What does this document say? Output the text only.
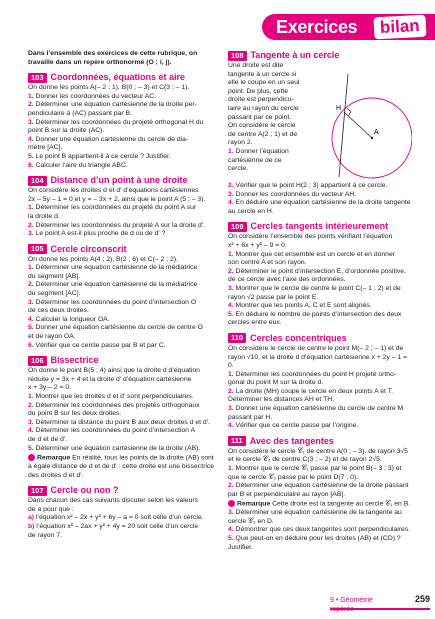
Exercices	bilan
Dans l’ensemble des exercices de cette rubrique, on travaille dans un repère orthonormé (O ; i, j).
103 Coordonnées, équations et aire
On donne les points A(– 2 ; 1), B(0 ; – 3) et C(3 ; – 1).
1. Donner les coordonnées du vecteur AC.
2. Déterminer une équation cartésienne de la droite per-
pendiculaire à (AC) passant par B.
3. Déterminer les coordonnées du projeté orthogonal H du
point B sur la droite (AC).
4. Donner une équation cartésienne du cercle de dia-
mètre [AC].
5. Le point B appartient-il à ce cercle ? Justifier.
6. Calculer l’aire du triangle ABC.
104 Distance d’un point à une droite
On considère les droites d et d′ d’équations cartésiennes
2x – 5y – 1 = 0 et y = – 3x + 2, ainsi que le point A (5 ; – 3).
1. Déterminer les coordonnées du projeté du point A sur
la droite d.
2. Déterminer les coordonnées du projeté A sur la droite d′.
3. Le point A est-il plus proche de d ou de d′ ?
105 Cercle circonscrit
On donne les points A(4 ; 2), B(2 ; 6) et C(– 2 ; 2).
1. Déterminer une équation cartésienne de la médiatrice
du segment [AB].
2. Déterminer une équation cartésienne de la médiatrice
du segment [AC].
3. Déterminer les coordonnées du point d’intersection O
de ces deux droites.
4. Calculer la longueur OA.
5. Donner une équation cartésienne du cercle de centre O
et de rayon OA.
6. Vérifier que ce cercle passe par B et par C.
106 Bissectrice
On donne le point B(5 ; 4) ainsi que la droite d d’équation
réduite y = 3x + 4 et la droite d′ d’équation cartésienne
x + 3y – 2 = 0.
1. Montrer que les droites d et d′ sont perpendiculaires.
2. Déterminer les coordonnées des projetés orthogonaux
du point B sur les deux droites.
3. Déterminer la distance du point B aux deux droites d et d′.
4. Déterminer les coordonnées du point d’intersection A
de d et de d′.
5. Déterminer une équation cartésienne de la droite (AB).
Remarque En réalité, tous les points de la droite (AB) sont à égale distance de d et de d′ : cette droite est une bissectrice des droites d et d′.
107 Cercle ou non ?
Dans chacun des cas suivants discuter selon les valeurs
de a pour que :
a) l’équation x² – 2x + y² + 6y – a = 0 soit celle d’un cercle.
b) l’équation x² – 2ax + y² + 4y = 20 soit celle d’un cercle
de rayon 7.
108 Tangente à un cercle
Une droite est dite
tangente à un cercle si
elle le coupe en un seul
point. De plus, cette
droite est perpendicu-
laire au rayon du cercle
passant par ce point.
On considère le cercle
de centre A(2 ; 1) et de
rayon 2.
1. Donner l’équation
cartésienne de ce
cercle.
H
A
2. Vérifier que le point H(2 ; 3) appartient à ce cercle.
3. Donner les coordonnées du vecteur AH.
4. En déduire une équation cartésienne de la droite tangente
au cercle en H.
109 Cercles tangents intérieurement
On considère l’ensemble des points vérifiant l’équation
x² + 6x + y² – 9 = 0.
1. Montrer que cet ensemble est un cercle et en donner
son centre A et son rayon.
2. Déterminer le point d’intersection E, d’ordonnée positive,
de ce cercle avec l’axe des ordonnées.
3. Montrer que le cercle de centre le point C(– 1 ; 2) et de
rayon √2 passe par le point E.
4. Montrer que les points A, C et E sont alignés.
5. En déduire le nombre de points d’intersection des deux
cercles entre eux.
110 Cercles concentriques
On considère le cercle de centre le point M(– 2 ; – 1) et de
rayon √10, et la droite d d’équation cartésienne x + 2y – 1 = 0.
1. Déterminer les coordonnées du point H projeté ortho-
gonal du point M sur la droite d.
2. La droite (MH) coupe le cercle en deux points A et T.
Déterminer les distances AH et TH.
3. Donner une équation cartésienne du cercle de centre M
passant par H.
4. Vérifier que ce cercle passe par l’origine.
111 Avec des tangentes
On considère le cercle 𝒞₁ de centre A(0 ; – 3), de rayon 3√5
et le cercle 𝒞₂ de centre C(3 ; – 2) et de rayon 2√5.
1. Montrer que le cercle 𝒞₁ passe par le point B(– 3 ; 3) et
que le cercle 𝒞₂ passe par le point D(7 ; 0).
2. Déterminer une équation cartésienne de la droite passant
par B et perpendiculaire au rayon [AB].
Remarque Cette droite est la tangente au cercle 𝒞₁ en B.
3. Déterminer une équation cartésienne de la tangente au
cercle 𝒞₂ en D.
4. Démontrer que ces deux tangentes sont perpendiculaires.
5. Que peut-on en déduire pour les droites (AB) et (CD) ?
Justifier.
9 • Géométrie	259
